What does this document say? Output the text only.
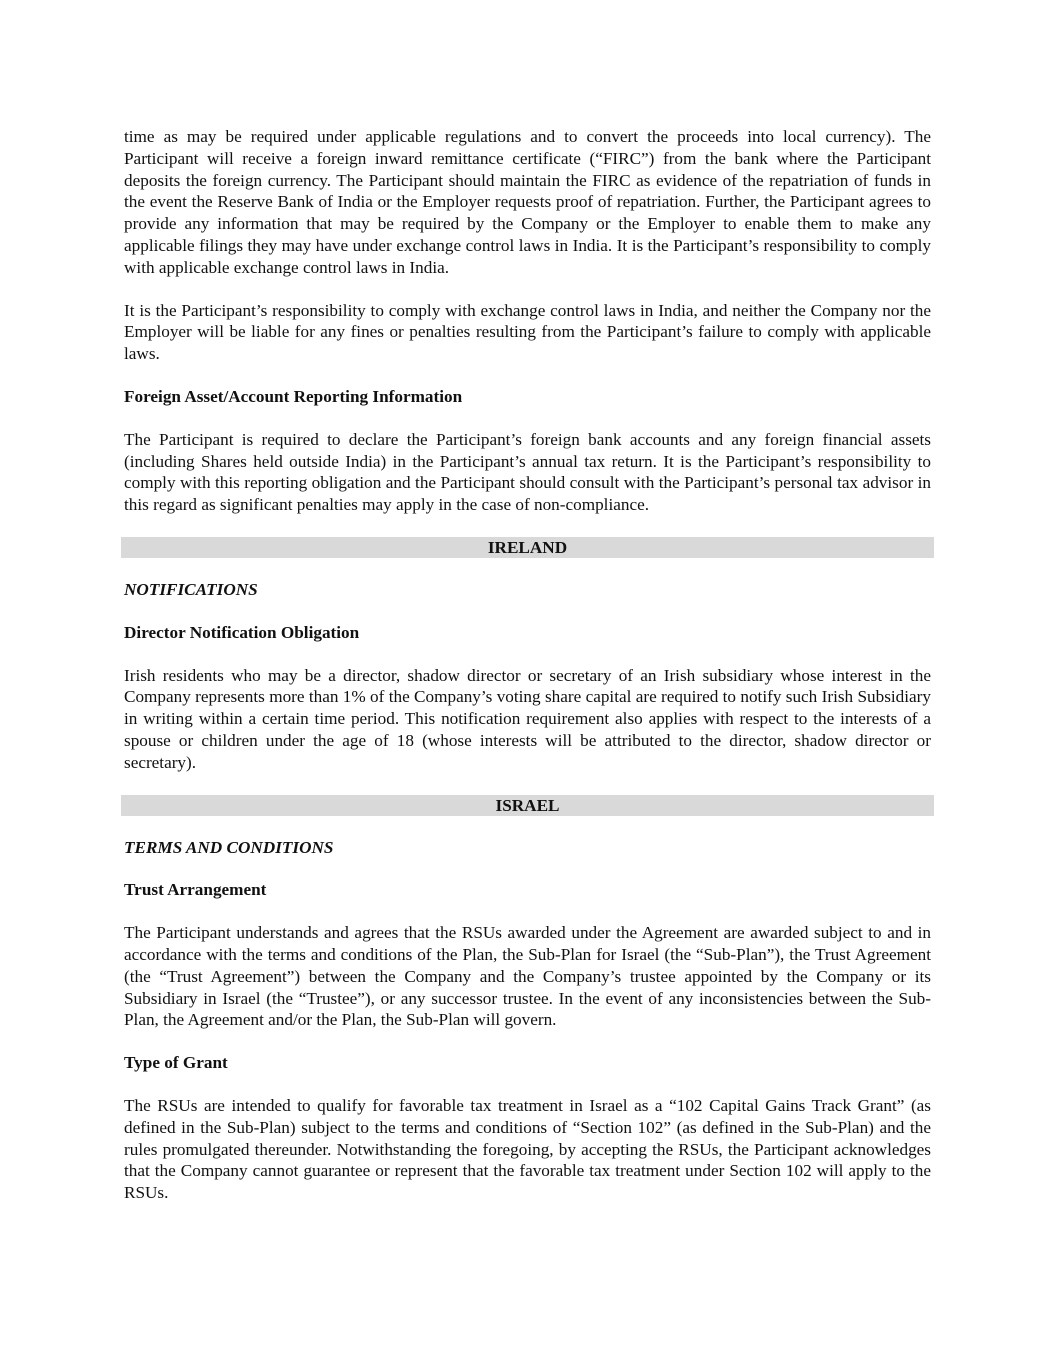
time as may be required under applicable regulations and to convert the proceeds into local currency). The Participant will receive a foreign inward remittance certificate (“FIRC”) from the bank where the Participant deposits the foreign currency. The Participant should maintain the FIRC as evidence of the repatriation of funds in the event the Reserve Bank of India or the Employer requests proof of repatriation. Further, the Participant agrees to provide any information that may be required by the Company or the Employer to enable them to make any applicable filings they may have under exchange control laws in India. It is the Participant’s responsibility to comply with applicable exchange control laws in India.

It is the Participant’s responsibility to comply with exchange control laws in India, and neither the Company nor the Employer will be liable for any fines or penalties resulting from the Participant’s failure to comply with applicable laws.

Foreign Asset/Account Reporting Information

The Participant is required to declare the Participant’s foreign bank accounts and any foreign financial assets (including Shares held outside India) in the Participant’s annual tax return. It is the Participant’s responsibility to comply with this reporting obligation and the Participant should consult with the Participant’s personal tax advisor in this regard as significant penalties may apply in the case of non-compliance.

IRELAND
NOTIFICATIONS
Director Notification Obligation

Irish residents who may be a director, shadow director or secretary of an Irish subsidiary whose interest in the Company represents more than 1% of the Company’s voting share capital are required to notify such Irish Subsidiary in writing within a certain time period. This notification requirement also applies with respect to the interests of a spouse or children under the age of 18 (whose interests will be attributed to the director, shadow director or secretary).

ISRAEL
TERMS AND CONDITIONS
Trust Arrangement

The Participant understands and agrees that the RSUs awarded under the Agreement are awarded subject to and in accordance with the terms and conditions of the Plan, the Sub-Plan for Israel (the “Sub-Plan”), the Trust Agreement (the “Trust Agreement”) between the Company and the Company’s trustee appointed by the Company or its Subsidiary in Israel (the “Trustee”), or any successor trustee. In the event of any inconsistencies between the Sub-Plan, the Agreement and/or the Plan, the Sub-Plan will govern.

Type of Grant

The RSUs are intended to qualify for favorable tax treatment in Israel as a “102 Capital Gains Track Grant” (as defined in the Sub-Plan) subject to the terms and conditions of “Section 102” (as defined in the Sub-Plan) and the rules promulgated thereunder. Notwithstanding the foregoing, by accepting the RSUs, the Participant acknowledges that the Company cannot guarantee or represent that the favorable tax treatment under Section 102 will apply to the RSUs.
